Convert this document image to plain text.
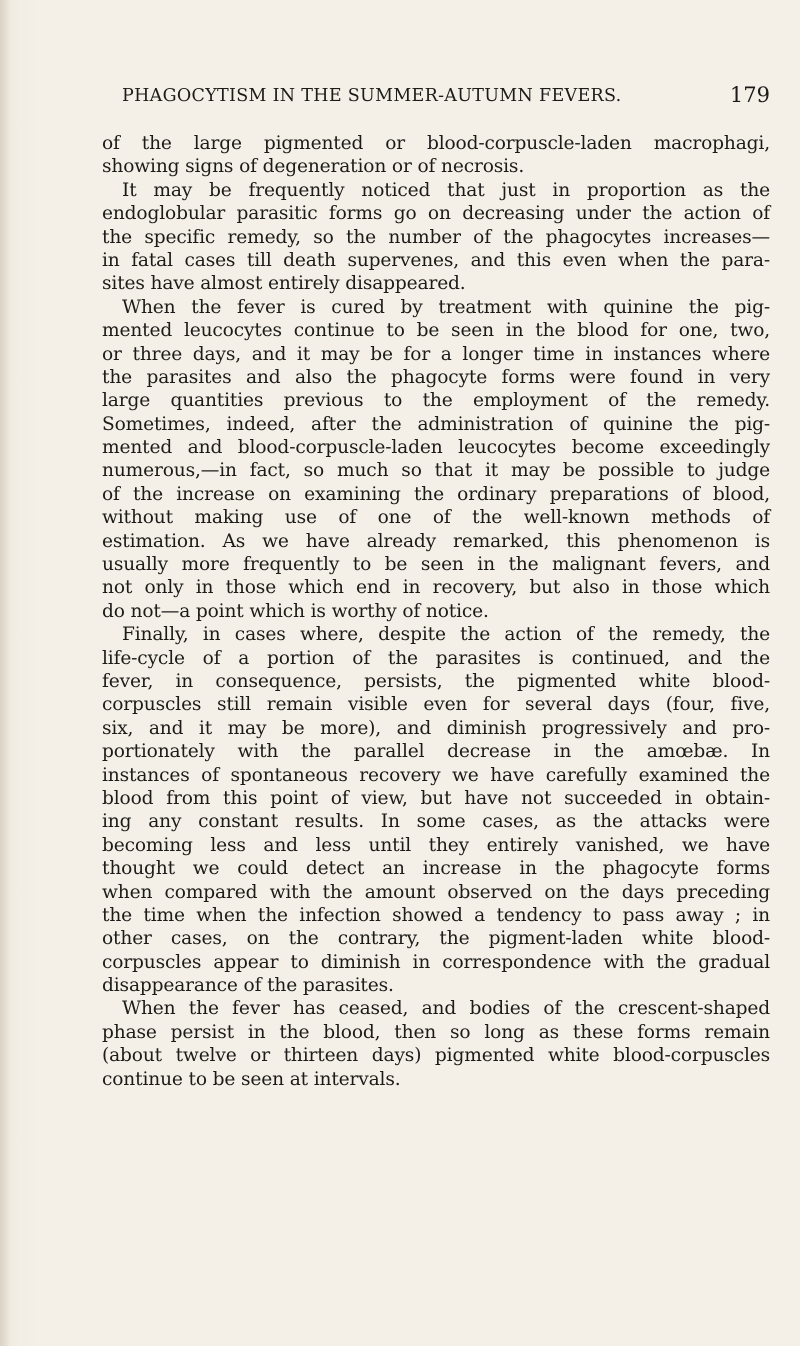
PHAGOCYTISM IN THE SUMMER-AUTUMN FEVERS.	179
of the large pigmented or blood-corpuscle-laden macrophagi,
showing signs of degeneration or of necrosis.
It may be frequently noticed that just in proportion as the
endoglobular parasitic forms go on decreasing under the action of
the specific remedy, so the number of the phagocytes increases—
in fatal cases till death supervenes, and this even when the para-
sites have almost entirely disappeared.
When the fever is cured by treatment with quinine the pig-
mented leucocytes continue to be seen in the blood for one, two,
or three days, and it may be for a longer time in instances where
the parasites and also the phagocyte forms were found in very
large quantities previous to the employment of the remedy.
Sometimes, indeed, after the administration of quinine the pig-
mented and blood-corpuscle-laden leucocytes become exceedingly
numerous,—in fact, so much so that it may be possible to judge
of the increase on examining the ordinary preparations of blood,
without making use of one of the well-known methods of
estimation. As we have already remarked, this phenomenon is
usually more frequently to be seen in the malignant fevers, and
not only in those which end in recovery, but also in those which
do not—a point which is worthy of notice.
Finally, in cases where, despite the action of the remedy, the
life-cycle of a portion of the parasites is continued, and the
fever, in consequence, persists, the pigmented white blood-
corpuscles still remain visible even for several days (four, five,
six, and it may be more), and diminish progressively and pro-
portionately with the parallel decrease in the amœbæ. In
instances of spontaneous recovery we have carefully examined the
blood from this point of view, but have not succeeded in obtain-
ing any constant results. In some cases, as the attacks were
becoming less and less until they entirely vanished, we have
thought we could detect an increase in the phagocyte forms
when compared with the amount observed on the days preceding
the time when the infection showed a tendency to pass away ; in
other cases, on the contrary, the pigment-laden white blood-
corpuscles appear to diminish in correspondence with the gradual
disappearance of the parasites.
When the fever has ceased, and bodies of the crescent-shaped
phase persist in the blood, then so long as these forms remain
(about twelve or thirteen days) pigmented white blood-corpuscles
continue to be seen at intervals.
